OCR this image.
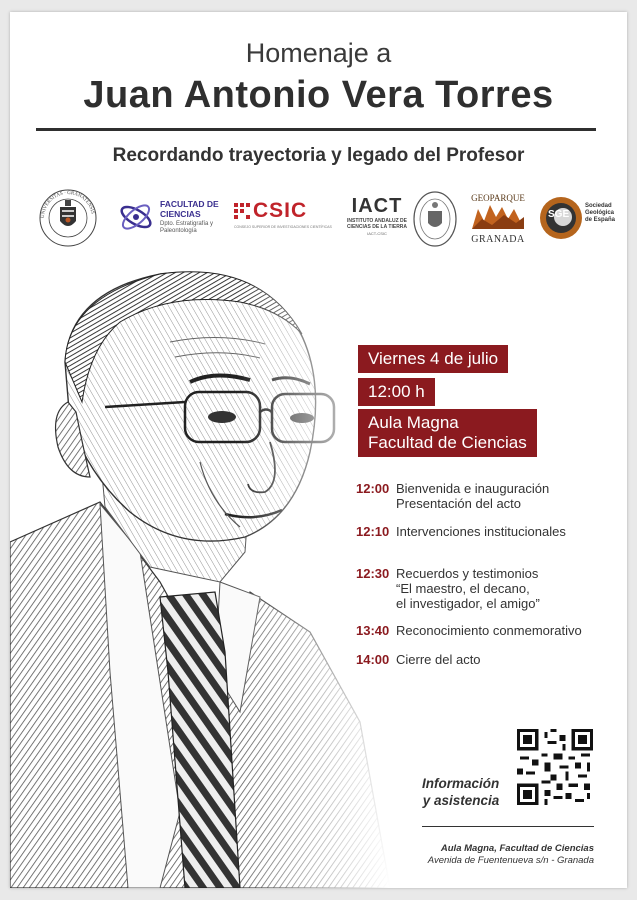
Homenaje a
Juan Antonio Vera Torres
Recordando trayectoria y legado del Profesor
UNIVERSITAS · GRANATENSIS
FACULTAD DE CIENCIAS
Dpto. Estratigrafía y Paleontología
CSIC
CONSEJO SUPERIOR DE INVESTIGACIONES CIENTÍFICAS
IACT
INSTITUTO ANDALUZ DE CIENCIAS DE LA TIERRA
IACT-CSIC
GEOPARQUE
GRANADA
SGE
Sociedad Geológica de España
Viernes 4 de julio
12:00 h
Aula Magna
Facultad de Ciencias
12:00 Bienvenida e inauguración
Presentación del acto
12:10 Intervenciones institucionales
12:30 Recuerdos y testimonios
“El maestro, el decano,
el investigador, el amigo”
13:40 Reconocimiento conmemorativo
14:00 Cierre del acto
Información
y asistencia
Aula Magna, Facultad de Ciencias
Avenida de Fuentenueva s/n - Granada
